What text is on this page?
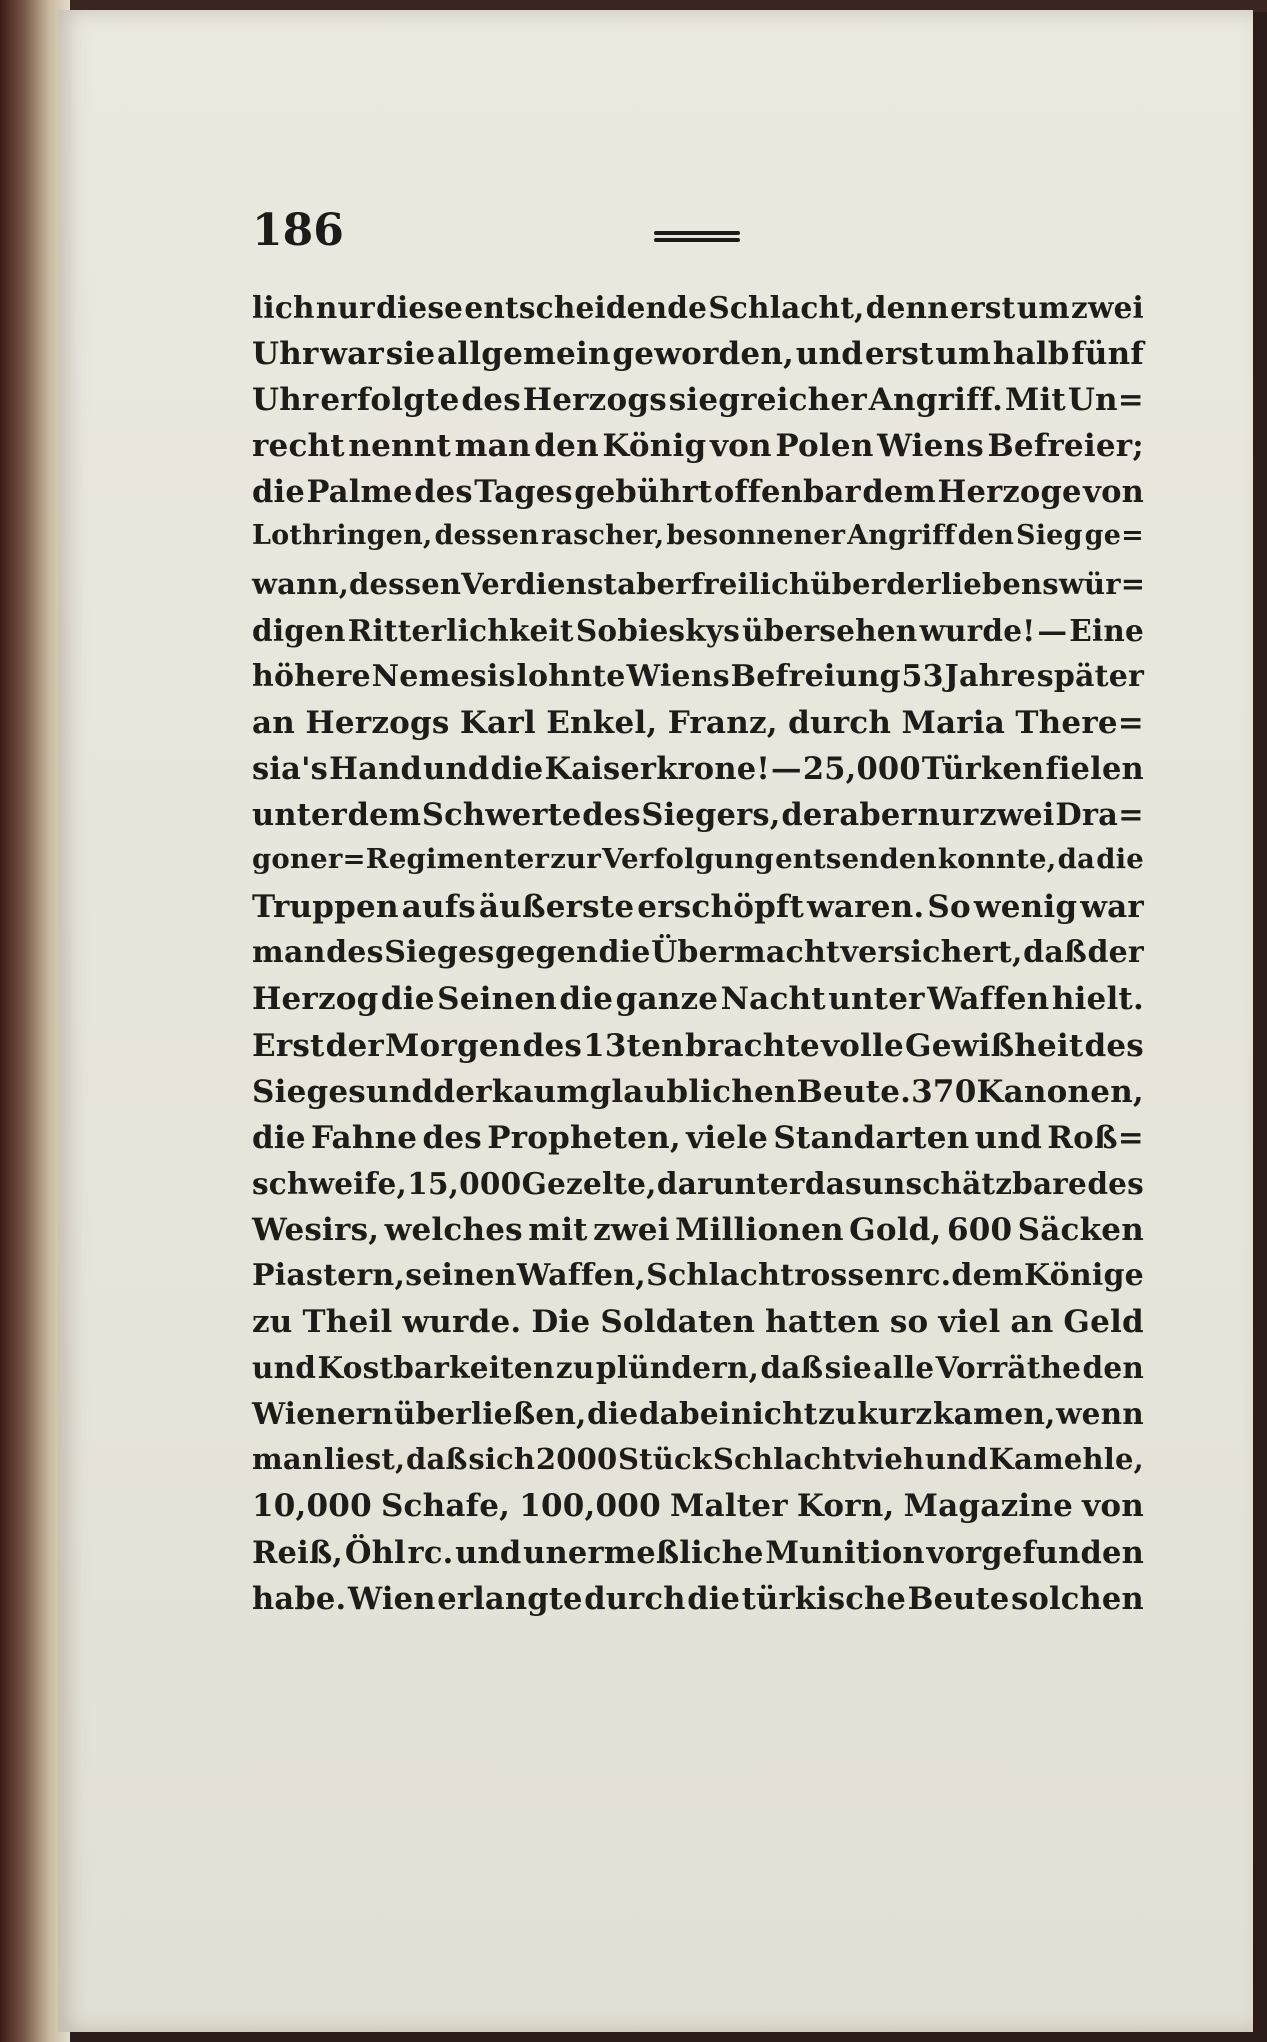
186
lich nur diese entscheidende Schlacht, denn erst um zwei
Uhr war sie allgemein geworden, und erst um halb fünf
Uhr erfolgte des Herzogs siegreicher Angriff. Mit Un=
recht nennt man den König von Polen Wiens Befreier;
die Palme des Tages gebührt offenbar dem Herzoge von
Lothringen, dessen rascher, besonnener Angriff den Sieg ge=
wann, dessen Verdienst aber freilich über der liebenswür=
digen Ritterlichkeit Sobieskys übersehen wurde! — Eine
höhere Nemesis lohnte Wiens Befreiung 53 Jahre später
an Herzogs Karl Enkel, Franz, durch Maria There=
sia's Hand und die Kaiserkrone! — 25,000 Türken fielen
unter dem Schwerte des Siegers, der aber nur zwei Dra=
goner=Regimenter zur Verfolgung entsenden konnte, da die
Truppen aufs äußerste erschöpft waren. So wenig war
man des Sieges gegen die Übermacht versichert, daß der
Herzog die Seinen die ganze Nacht unter Waffen hielt.
Erst der Morgen des 13ten brachte volle Gewißheit des
Sieges und der kaum glaublichen Beute. 370 Kanonen,
die Fahne des Propheten, viele Standarten und Roß=
schweife, 15,000 Gezelte, darunter das unschätzbare des
Wesirs, welches mit zwei Millionen Gold, 600 Säcken
Piastern, seinen Waffen, Schlachtrossen rc. dem Könige
zu Theil wurde. Die Soldaten hatten so viel an Geld
und Kostbarkeiten zu plündern, daß sie alle Vorräthe den
Wienern überließen, die dabei nicht zu kurz kamen, wenn
man liest, daß sich 2000 Stück Schlachtvieh und Kamehle,
10,000 Schafe, 100,000 Malter Korn, Magazine von
Reiß, Öhl rc. und unermeßliche Munition vorgefunden
habe. Wien erlangte durch die türkische Beute solchen
